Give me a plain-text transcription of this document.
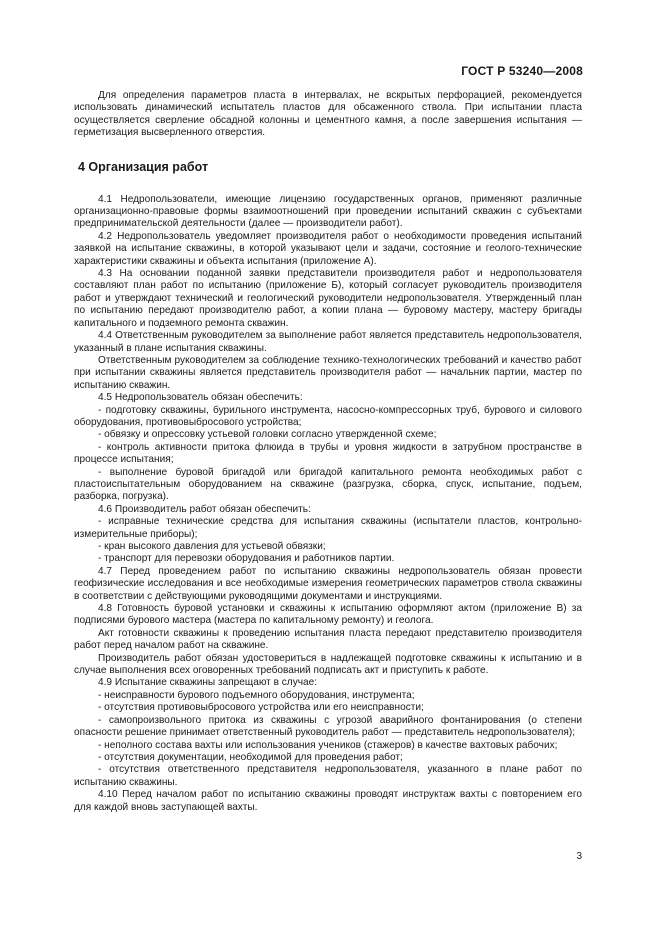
ГОСТ Р 53240—2008

Для определения параметров пласта в интервалах, не вскрытых перфорацией, рекомендуется использовать динамический испытатель пластов для обсаженного ствола. При испытании пласта осуществляется сверление обсадной колонны и цементного камня, а после завершения испытания — герметизация высверленного отверстия.

4 Организация работ

4.1 Недропользователи, имеющие лицензию государственных органов, применяют различные организационно-правовые формы взаимоотношений при проведении испытаний скважин с субъектами предпринимательской деятельности (далее — производители работ).

4.2 Недропользователь уведомляет производителя работ о необходимости проведения испытаний заявкой на испытание скважины, в которой указывают цели и задачи, состояние и геолого-технические характеристики скважины и объекта испытания (приложение А).

4.3 На основании поданной заявки представители производителя работ и недропользователя составляют план работ по испытанию (приложение Б), который согласует руководитель производителя работ и утверждают технический и геологический руководители недропользователя. Утвержденный план по испытанию передают производителю работ, а копии плана — буровому мастеру, мастеру бригады капитального и подземного ремонта скважин.

4.4 Ответственным руководителем за выполнение работ является представитель недропользователя, указанный в плане испытания скважины.

Ответственным руководителем за соблюдение технико-технологических требований и качество работ при испытании скважины является представитель производителя работ — начальник партии, мастер по испытанию скважин.

4.5 Недропользователь обязан обеспечить:

- подготовку скважины, бурильного инструмента, насосно-компрессорных труб, бурового и силового оборудования, противовыбросового устройства;

- обвязку и опрессовку устьевой головки согласно утвержденной схеме;

- контроль активности притока флюида в трубы и уровня жидкости в затрубном пространстве в процессе испытания;

- выполнение буровой бригадой или бригадой капитального ремонта необходимых работ с пластоиспытательным оборудованием на скважине (разгрузка, сборка, спуск, испытание, подъем, разборка, погрузка).

4.6 Производитель работ обязан обеспечить:

- исправные технические средства для испытания скважины (испытатели пластов, контрольно-измерительные приборы);

- кран высокого давления для устьевой обвязки;

- транспорт для перевозки оборудования и работников партии.

4.7 Перед проведением работ по испытанию скважины недропользователь обязан провести геофизические исследования и все необходимые измерения геометрических параметров ствола скважины в соответствии с действующими руководящими документами и инструкциями.

4.8 Готовность буровой установки и скважины к испытанию оформляют актом (приложение В) за подписями бурового мастера (мастера по капитальному ремонту) и геолога.

Акт готовности скважины к проведению испытания пласта передают представителю производителя работ перед началом работ на скважине.

Производитель работ обязан удостовериться в надлежащей подготовке скважины к испытанию и в случае выполнения всех оговоренных требований подписать акт и приступить к работе.

4.9 Испытание скважины запрещают в случае:

- неисправности бурового подъемного оборудования, инструмента;

- отсутствия противовыбросового устройства или его неисправности;

- самопроизвольного притока из скважины с угрозой аварийного фонтанирования (о степени опасности решение принимает ответственный руководитель работ — представитель недропользователя);

- неполного состава вахты или использования учеников (стажеров) в качестве вахтовых рабочих;

- отсутствия документации, необходимой для проведения работ;

- отсутствия ответственного представителя недропользователя, указанного в плане работ по испытанию скважины.

4.10 Перед началом работ по испытанию скважины проводят инструктаж вахты с повторением его для каждой вновь заступающей вахты.

3
